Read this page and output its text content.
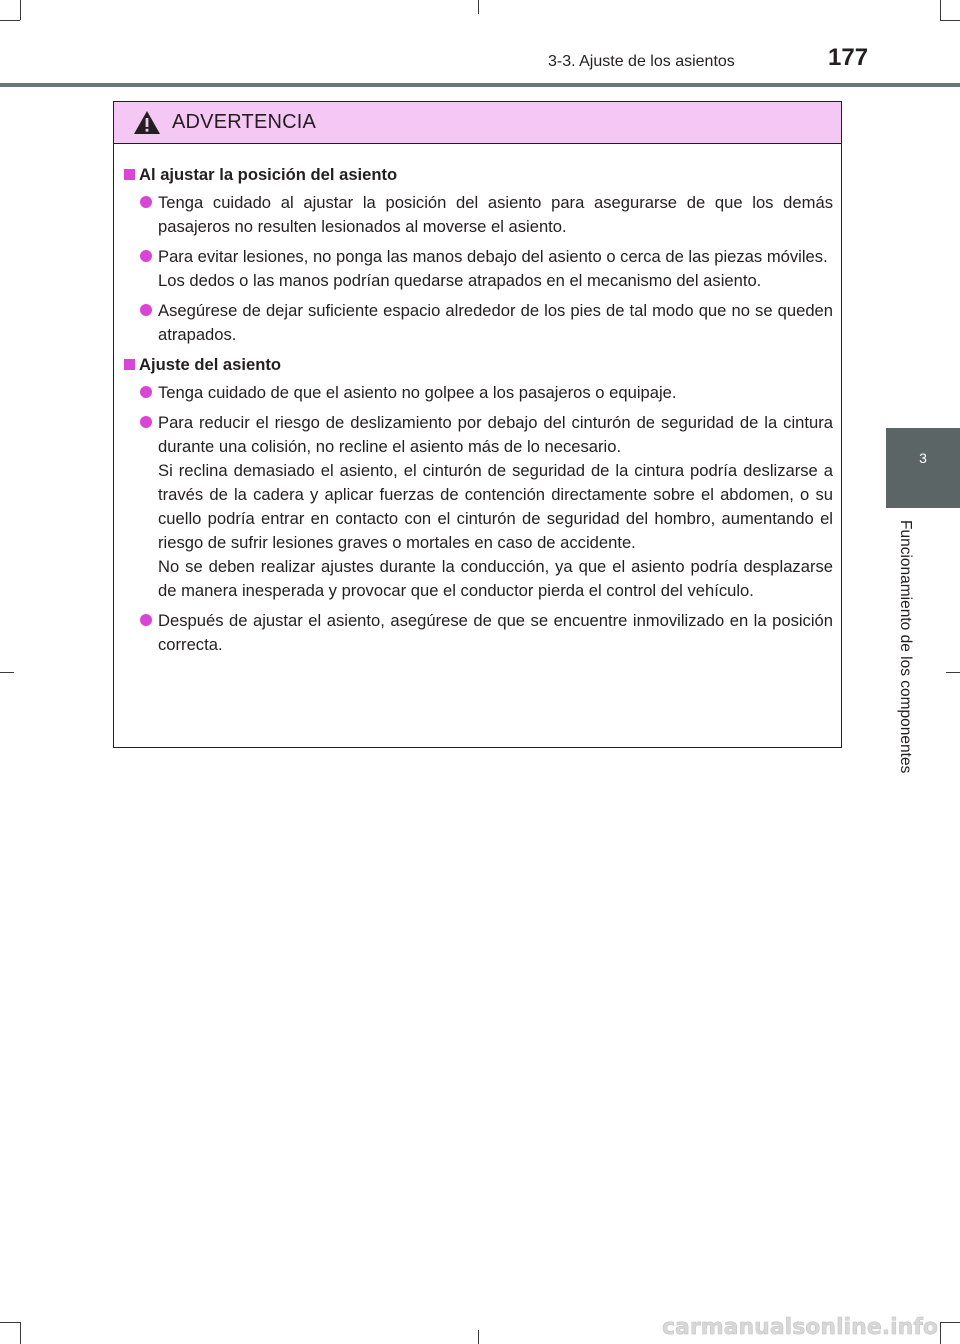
3-3. Ajuste de los asientos	177
3
Funcionamiento de los componentes
ADVERTENCIA
Al ajustar la posición del asiento

Tenga cuidado al ajustar la posición del asiento para asegurarse de que los demás pasajeros no resulten lesionados al moverse el asiento.

Para evitar lesiones, no ponga las manos debajo del asiento o cerca de las piezas móviles.

Los dedos o las manos podrían quedarse atrapados en el mecanismo del asiento.

Asegúrese de dejar suficiente espacio alrededor de los pies de tal modo que no se queden atrapados.

Ajuste del asiento

Tenga cuidado de que el asiento no golpee a los pasajeros o equipaje.

Para reducir el riesgo de deslizamiento por debajo del cinturón de seguridad de la cintura durante una colisión, no recline el asiento más de lo necesario.

Si reclina demasiado el asiento, el cinturón de seguridad de la cintura podría deslizarse a través de la cadera y aplicar fuerzas de contención directamente sobre el abdomen, o su cuello podría entrar en contacto con el cinturón de seguridad del hombro, aumentando el riesgo de sufrir lesiones graves o mortales en caso de accidente.

No se deben realizar ajustes durante la conducción, ya que el asiento podría desplazarse de manera inesperada y provocar que el conductor pierda el control del vehículo.

Después de ajustar el asiento, asegúrese de que se encuentre inmovilizado en la posición correcta.

carmanualsonline.info
